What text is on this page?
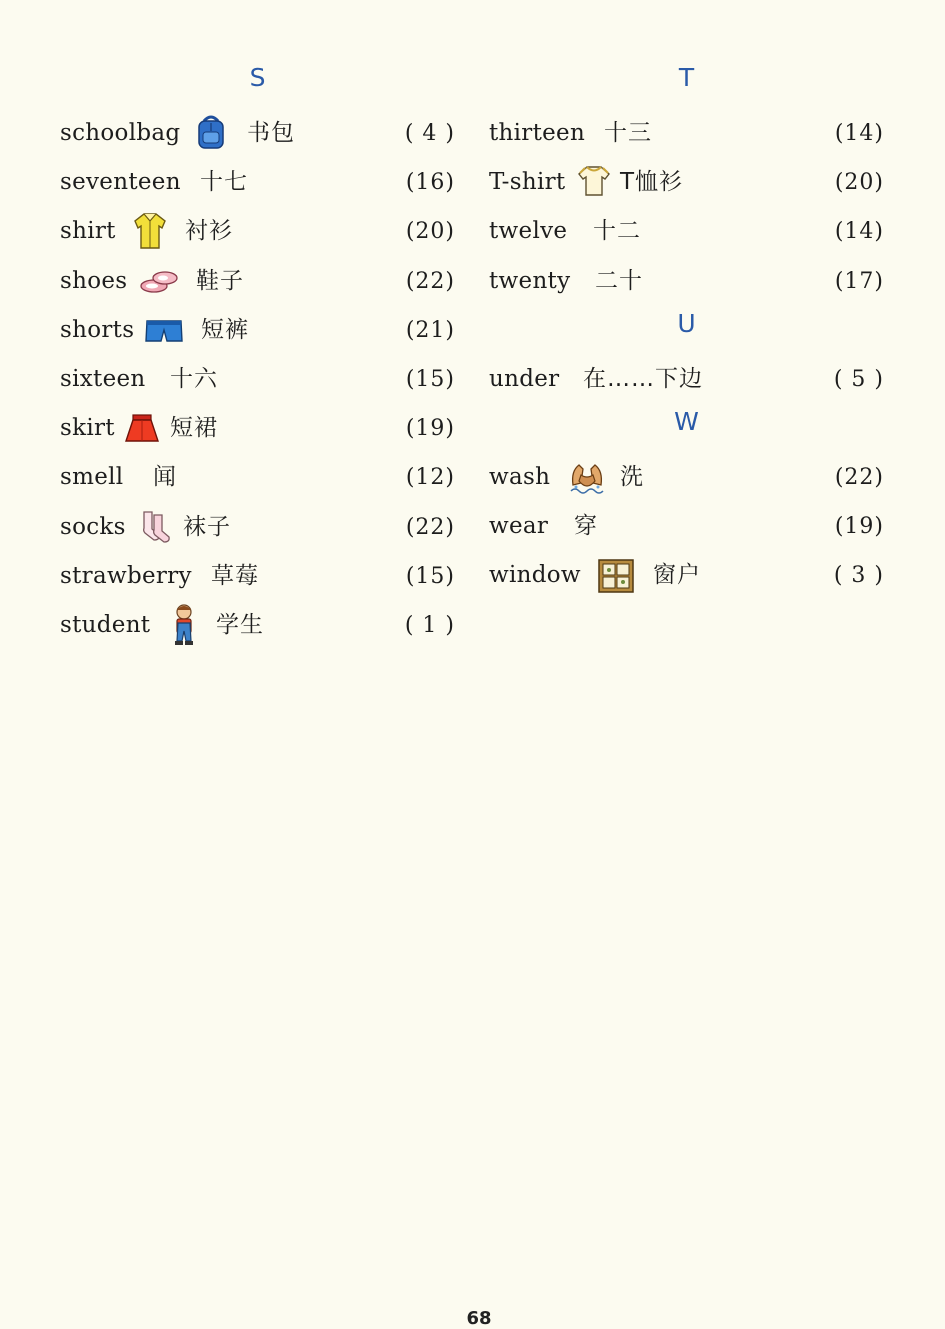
S
schoolbag	书包	( 4 )
seventeen 十七	(16)
shirt	衬衫	(20)
shoes	鞋子	(22)
shorts	短裤	(21)
sixteen 十六	(15)
skirt 短裙	(19)
smell 闻	(12)
socks 袜子	(22)
strawberry 草莓	(15)
student	学生	( 1 )
T
thirteen 十三	(14)
T-shirt T恤衫	(20)
twelve 十二	(14)
twenty 二十	(17)
U
under 在……下边	( 5 )
W
wash	洗	(22)
wear 穿	(19)
window	窗户	( 3 )
68
